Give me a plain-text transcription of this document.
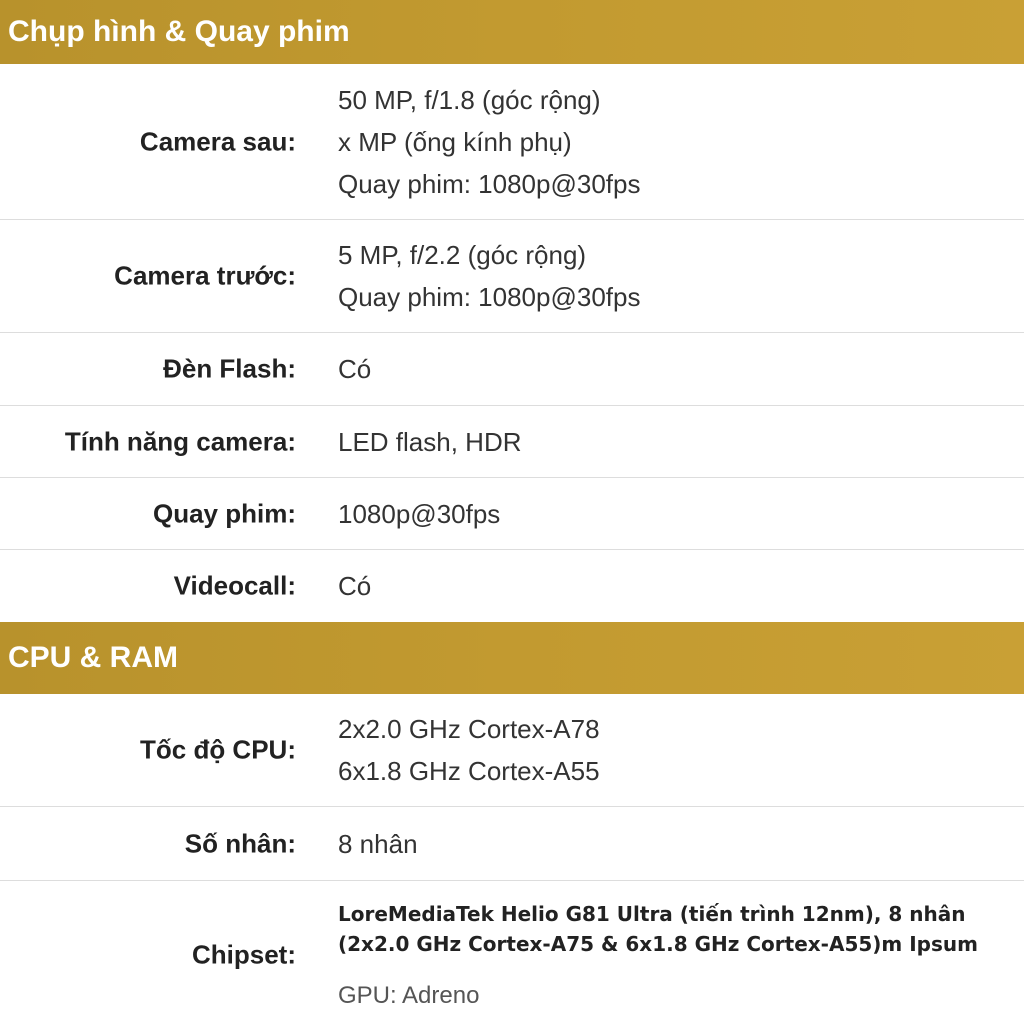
Chụp hình & Quay phim
Camera sau:
50 MP, f/1.8 (góc rộng)
x MP (ống kính phụ)
Quay phim: 1080p@30fps
Camera trước:
5 MP, f/2.2 (góc rộng)
Quay phim: 1080p@30fps
Đèn Flash: Có
Tính năng camera: LED flash, HDR
Quay phim: 1080p@30fps
Videocall: Có
CPU & RAM
Tốc độ CPU:
2x2.0 GHz Cortex-A78
6x1.8 GHz Cortex-A55
Số nhân: 8 nhân
Chipset:
LoreMediaTek Helio G81 Ultra (tiến trình 12nm), 8 nhân
(2x2.0 GHz Cortex-A75 & 6x1.8 GHz Cortex-A55)m Ipsum
GPU: Adreno
